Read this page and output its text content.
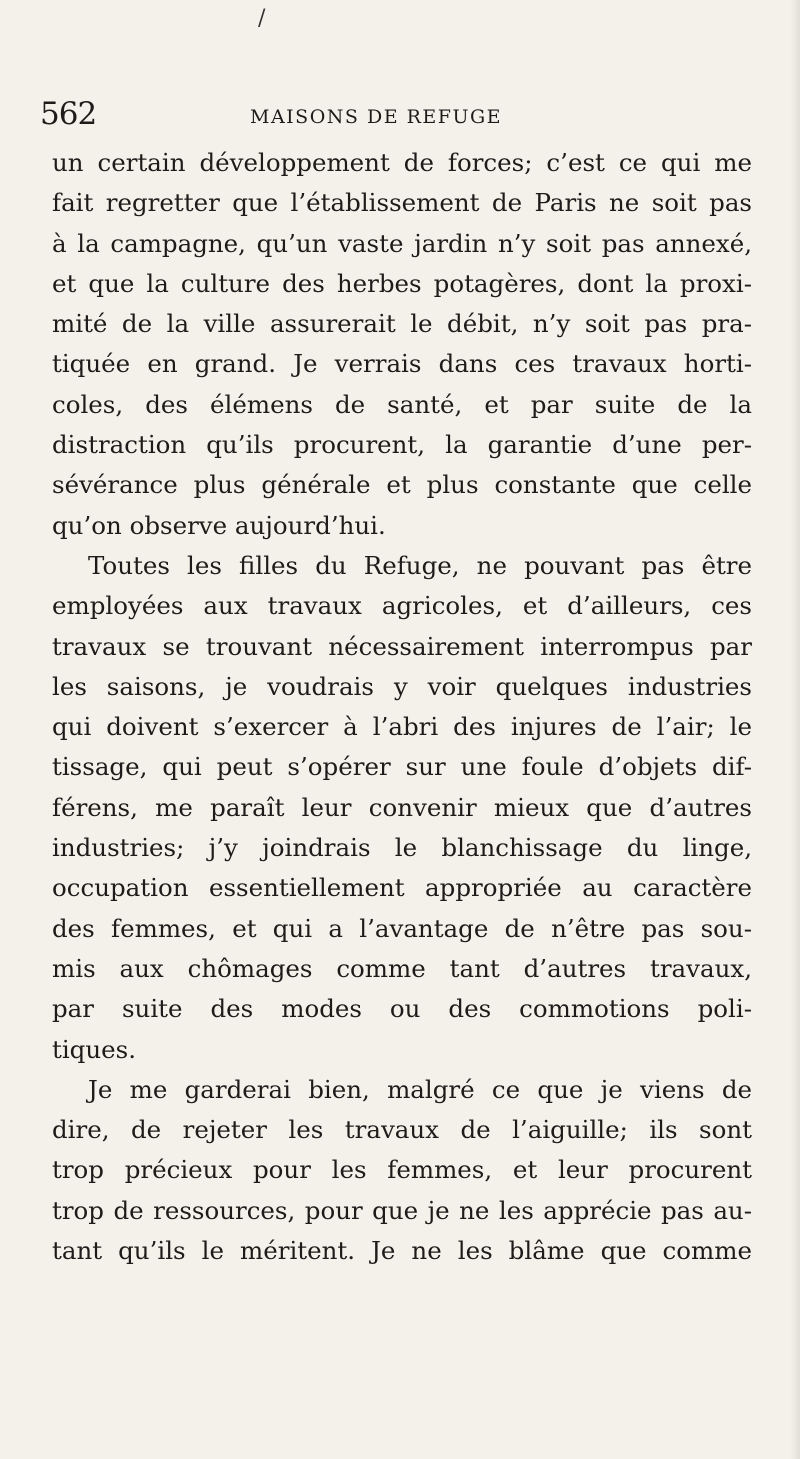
/
562	MAISONS DE REFUGE
un certain développement de forces; c’est ce qui me
fait regretter que l’établissement de Paris ne soit pas
à la campagne, qu’un vaste jardin n’y soit pas annexé,
et que la culture des herbes potagères, dont la proxi-
mité de la ville assurerait le débit, n’y soit pas pra-
tiquée en grand. Je verrais dans ces travaux horti-
coles, des élémens de santé, et par suite de la
distraction qu’ils procurent, la garantie d’une per-
sévérance plus générale et plus constante que celle
qu’on observe aujourd’hui.
Toutes les filles du Refuge, ne pouvant pas être
employées aux travaux agricoles, et d’ailleurs, ces
travaux se trouvant nécessairement interrompus par
les saisons, je voudrais y voir quelques industries
qui doivent s’exercer à l’abri des injures de l’air; le
tissage, qui peut s’opérer sur une foule d’objets dif-
férens, me paraît leur convenir mieux que d’autres
industries; j’y joindrais le blanchissage du linge,
occupation essentiellement appropriée au caractère
des femmes, et qui a l’avantage de n’être pas sou-
mis aux chômages comme tant d’autres travaux,
par suite des modes ou des commotions poli-
tiques.
Je me garderai bien, malgré ce que je viens de
dire, de rejeter les travaux de l’aiguille; ils sont
trop précieux pour les femmes, et leur procurent
trop de ressources, pour que je ne les apprécie pas au-
tant qu’ils le méritent. Je ne les blâme que comme
